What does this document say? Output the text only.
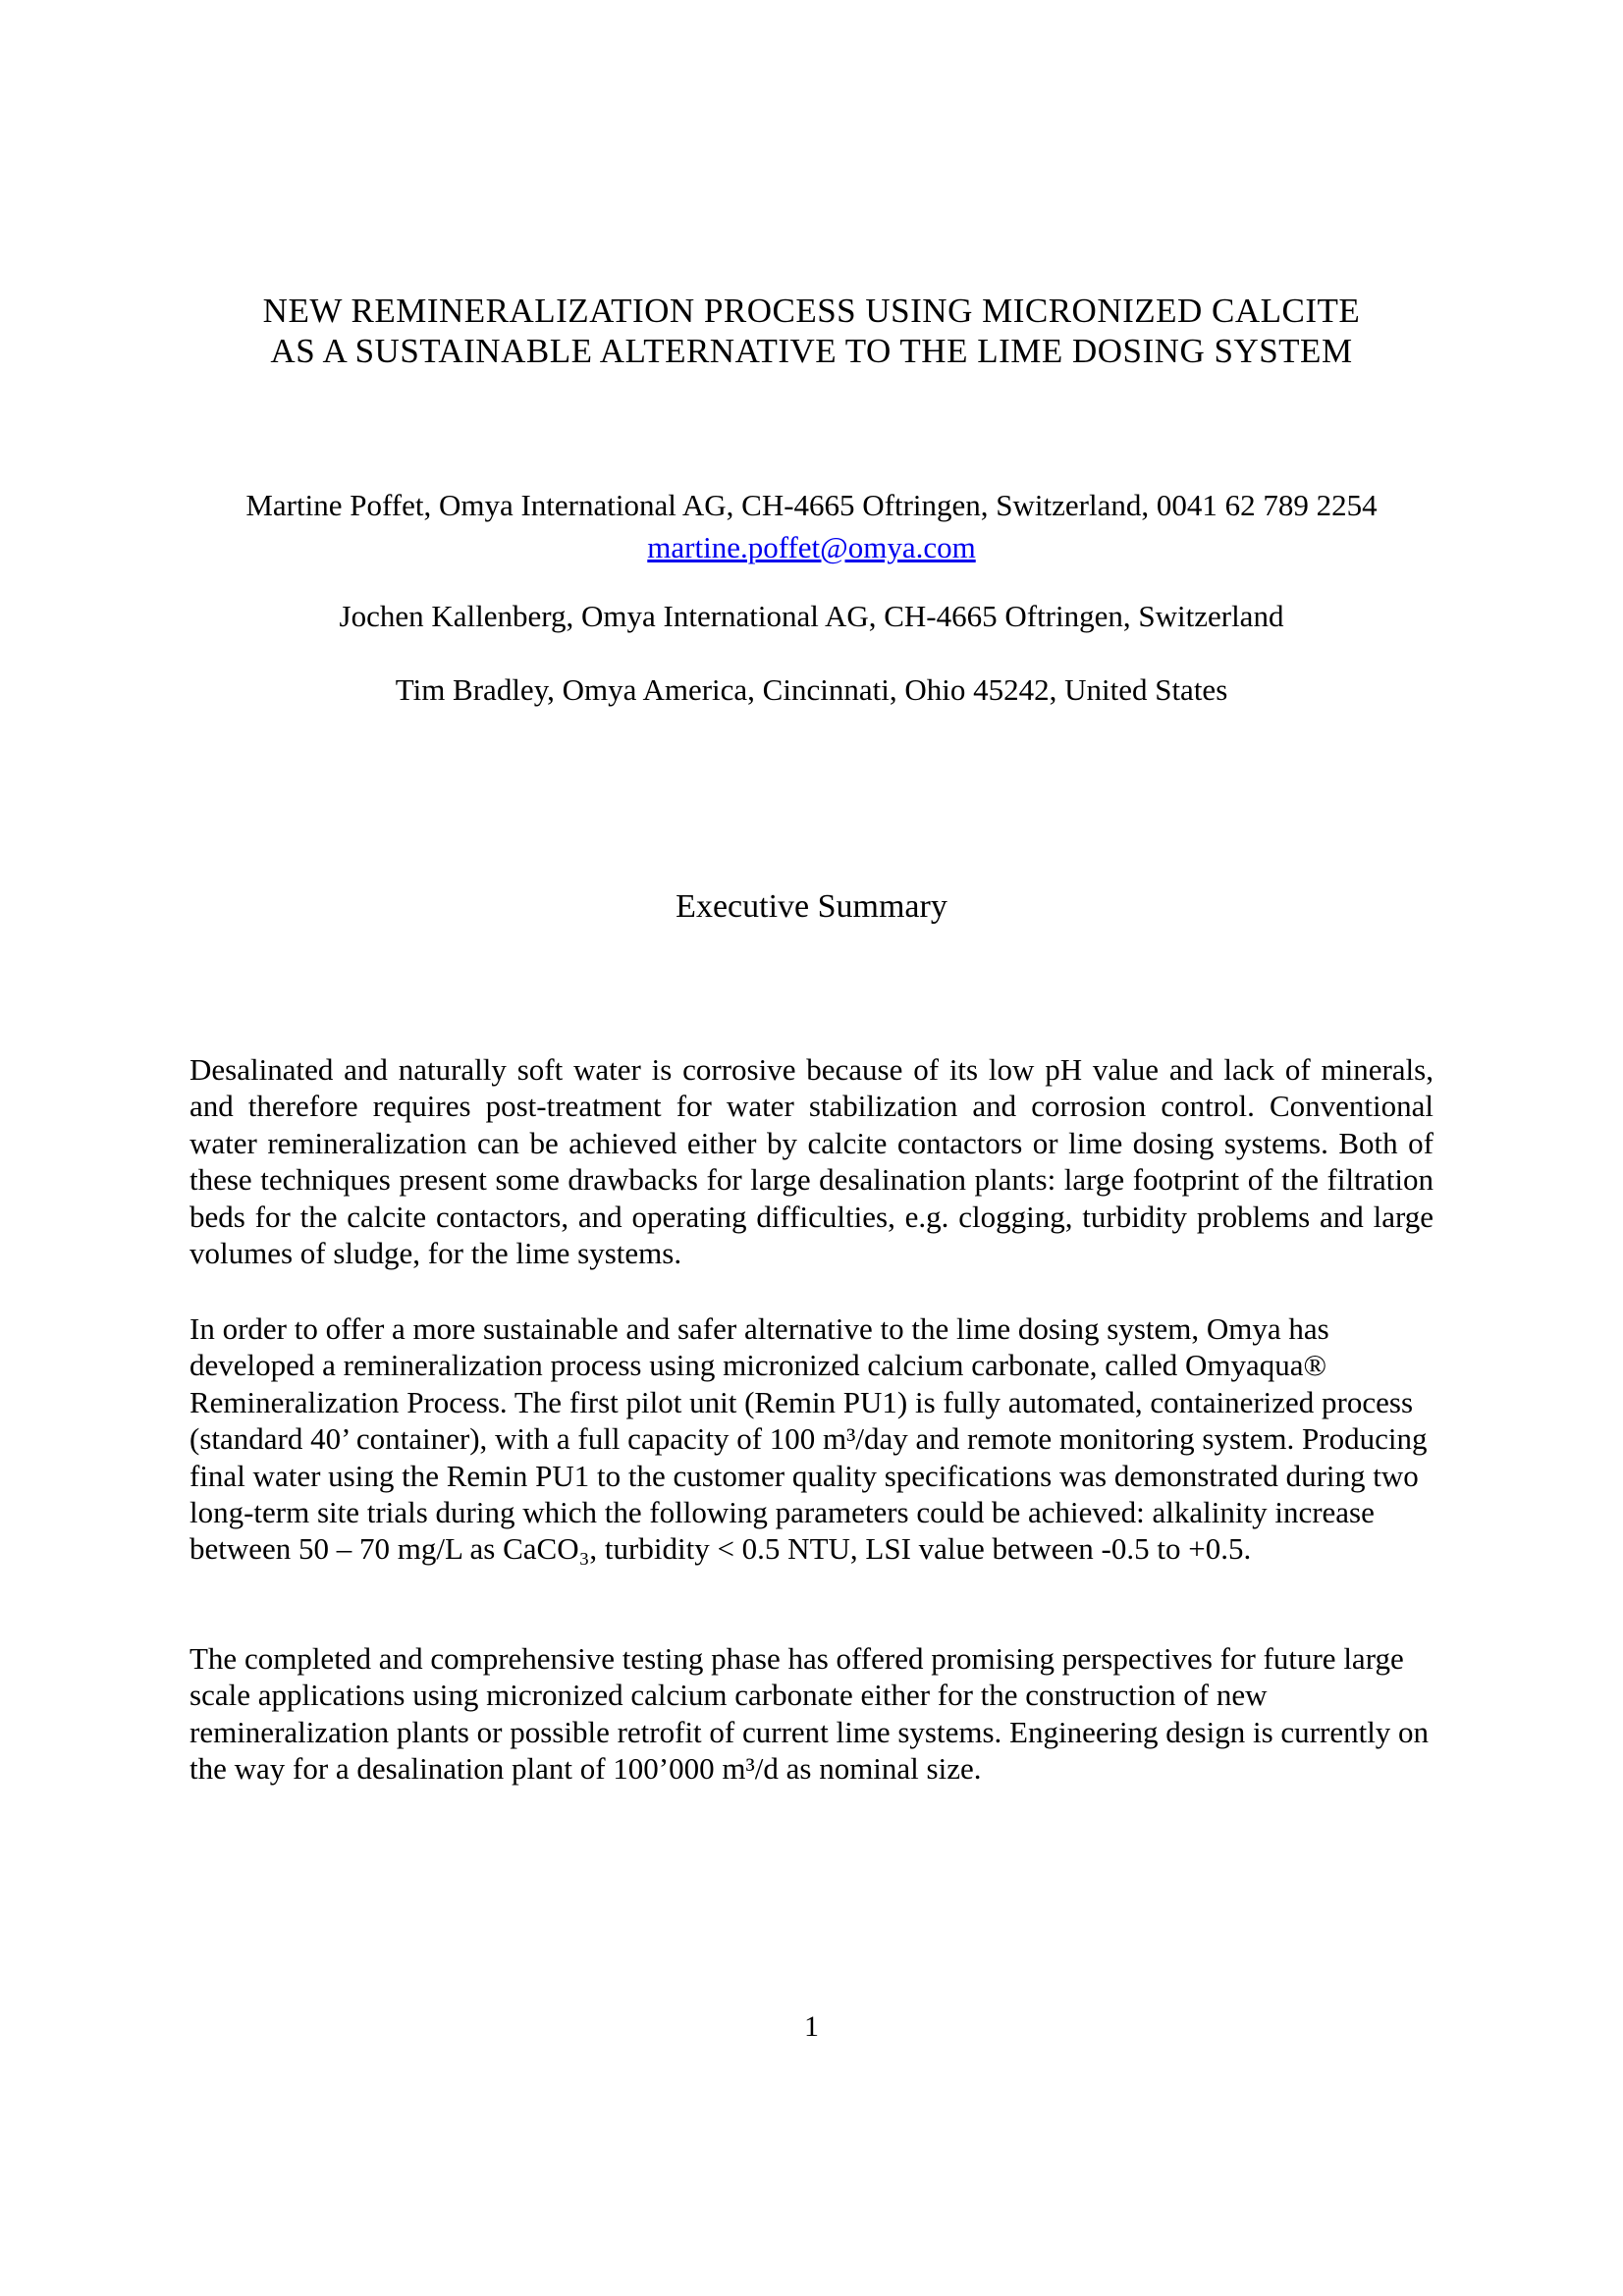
NEW REMINERALIZATION PROCESS USING MICRONIZED CALCITE
AS A SUSTAINABLE ALTERNATIVE TO THE LIME DOSING SYSTEM
Martine Poffet, Omya International AG, CH-4665 Oftringen, Switzerland, 0041 62 789 2254
martine.poffet@omya.com
Jochen Kallenberg, Omya International AG, CH-4665 Oftringen, Switzerland
Tim Bradley, Omya America, Cincinnati, Ohio 45242, United States
Executive Summary
Desalinated and naturally soft water is corrosive because of its low pH value and lack of minerals, and therefore requires post-treatment for water stabilization and corrosion control. Conventional water remineralization can be achieved either by calcite contactors or lime dosing systems. Both of these techniques present some drawbacks for large desalination plants: large footprint of the filtration beds for the calcite contactors, and operating difficulties, e.g. clogging, turbidity problems and large volumes of sludge, for the lime systems.
In order to offer a more sustainable and safer alternative to the lime dosing system, Omya has developed a remineralization process using micronized calcium carbonate, called Omyaqua® Remineralization Process. The first pilot unit (Remin PU1) is fully automated, containerized process (standard 40’ container), with a full capacity of 100 m³/day and remote monitoring system. Producing final water using the Remin PU1 to the customer quality specifications was demonstrated during two long-term site trials during which the following parameters could be achieved: alkalinity increase between 50 – 70 mg/L as CaCO₃, turbidity < 0.5 NTU, LSI value between -0.5 to +0.5.
The completed and comprehensive testing phase has offered promising perspectives for future large scale applications using micronized calcium carbonate either for the construction of new remineralization plants or possible retrofit of current lime systems. Engineering design is currently on the way for a desalination plant of 100’000 m³/d as nominal size.
1
